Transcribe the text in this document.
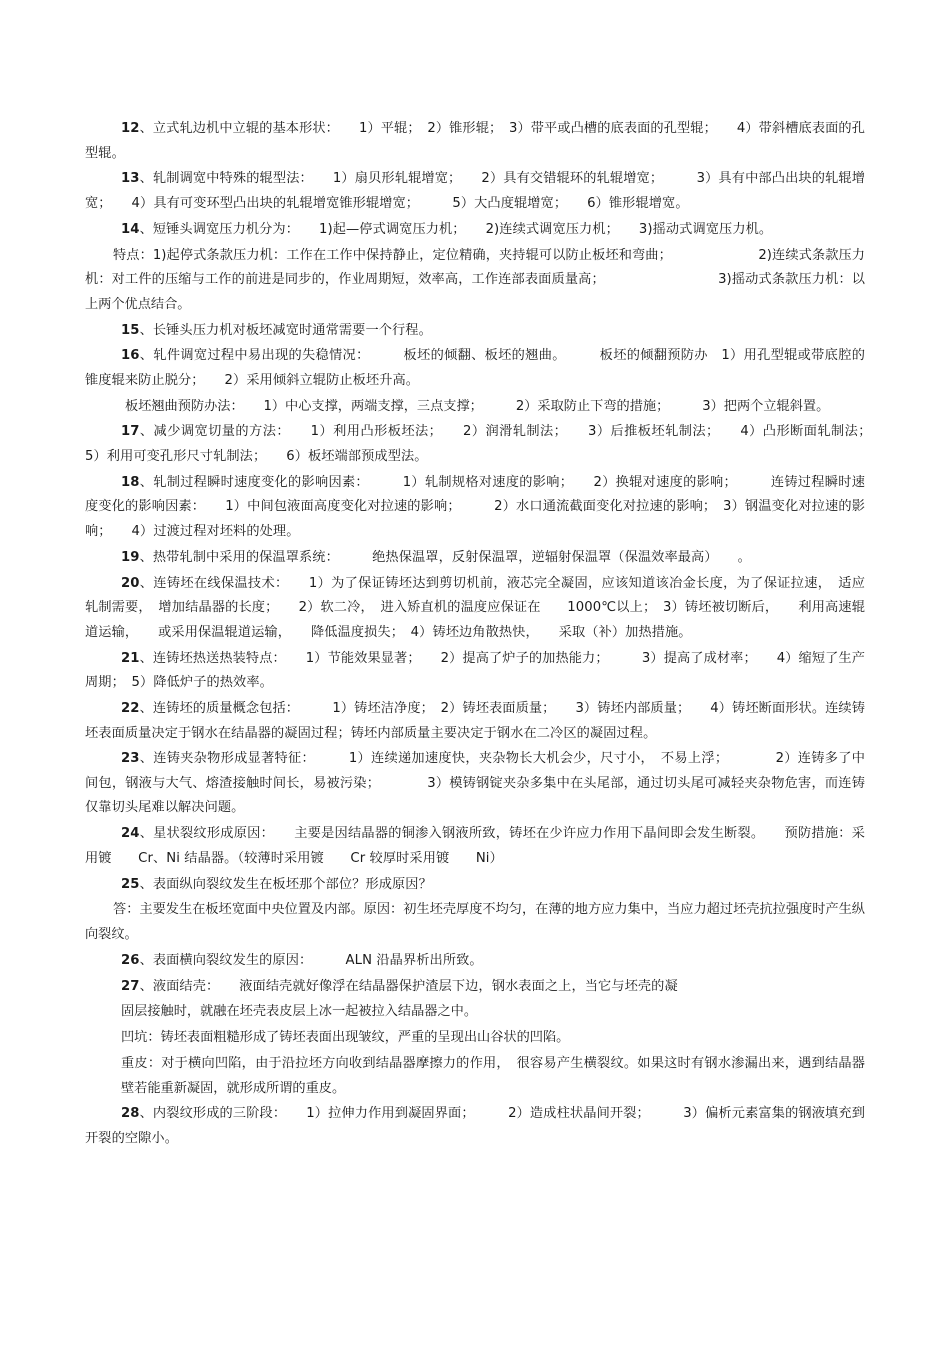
12、立式轧边机中立辊的基本形状：　　1）平辊；　2）锥形辊；　3）带平或凸槽的底表面的孔型辊；　　4）带斜槽底表面的孔型辊。

13、轧制调宽中特殊的辊型法：　　1）扇贝形轧辊增宽；　　2）具有交错辊环的轧辊增宽；　　　3）具有中部凸出块的轧辊增宽；　　4）具有可变环型凸出块的轧辊增宽锥形辊增宽；　　　5）大凸度辊增宽；　　6）锥形辊增宽。

14、短锤头调宽压力机分为：　　1)起—停式调宽压力机；　　2)连续式调宽压力机；　　3)摇动式调宽压力机。

特点：1)起停式条款压力机：工作在工作中保持静止，定位精确，夹持辊可以防止板坯和弯曲；　　　　　　　2)连续式条款压力机：对工件的压缩与工作的前进是同步的，作业周期短，效率高，工作连部表面质量高；　　　　　　　　　3)摇动式条款压力机：以上两个优点结合。

15、长锤头压力机对板坯减宽时通常需要一个行程。

16、轧件调宽过程中易出现的失稳情况：　　　板坯的倾翻、板坯的翘曲。　　　板坯的倾翻预防办　1）用孔型辊或带底腔的锥度辊来防止脱分；　　2）采用倾斜立辊防止板坯升高。

板坯翘曲预防办法：　　1）中心支撑，两端支撑，三点支撑；　　　2）采取防止下弯的措施；　　　3）把两个立辊斜置。

17、减少调宽切量的方法：　　1）利用凸形板坯法；　　2）润滑轧制法；　　3）后推板坯轧制法；　　4）凸形断面轧制法；　5）利用可变孔形尺寸轧制法；　　6）板坯端部预成型法。

18、轧制过程瞬时速度变化的影响因素：　　　1）轧制规格对速度的影响；　　2）换辊对速度的影响；　　　连铸过程瞬时速度变化的影响因素：　　1）中间包液面高度变化对拉速的影响；　　　2）水口通流截面变化对拉速的影响；　3）钢温变化对拉速的影响；　　4）过渡过程对坯料的处理。

19、热带轧制中采用的保温罩系统：　　　绝热保温罩，反射保温罩，逆辐射保温罩（保温效率最高）　　。

20、连铸坯在线保温技术：　　1）为了保证铸坯达到剪切机前，液芯完全凝固，应该知道该冶金长度，为了保证拉速，　适应轧制需要，　增加结晶器的长度；　　2）软二冷，　进入矫直机的温度应保证在　　1000℃以上；　3）铸坯被切断后，　　利用高速辊道运输，　　或采用保温辊道运输，　　降低温度损失；　4）铸坯边角散热快，　　采取（补）加热措施。

21、连铸坯热送热装特点：　　1）节能效果显著；　　2）提高了炉子的加热能力；　　　3）提高了成材率；　　4）缩短了生产周期；　5）降低炉子的热效率。

22、连铸坯的质量概念包括：　　　1）铸坯洁净度；　2）铸坯表面质量；　　3）铸坯内部质量；　　4）铸坯断面形状。连续铸坯表面质量决定于钢水在结晶器的凝固过程；铸坯内部质量主要决定于钢水在二冷区的凝固过程。

23、连铸夹杂物形成显著特征：　　　1）连续递加速度快，夹杂物长大机会少，尺寸小，　不易上浮；　　　　2）连铸多了中间包，钢液与大气、熔渣接触时间长，易被污染；　　　　3）模铸钢锭夹杂多集中在头尾部，通过切头尾可减轻夹杂物危害，而连铸仅靠切头尾难以解决问题。

24、星状裂纹形成原因：　　主要是因结晶器的铜渗入钢液所致，铸坯在少许应力作用下晶间即会发生断裂。　　预防措施：采用镀　　Cr、Ni 结晶器。（较薄时采用镀　　Cr 较厚时采用镀　　Ni）

25、表面纵向裂纹发生在板坯那个部位？形成原因？

答：主要发生在板坯宽面中央位置及内部。原因：初生坯壳厚度不均匀，在薄的地方应力集中，当应力超过坯壳抗拉强度时产生纵向裂纹。

26、表面横向裂纹发生的原因：　　　ALN 沿晶界析出所致。

27、液面结壳：　　液面结壳就好像浮在结晶器保护渣层下边，钢水表面之上，当它与坯壳的凝

固层接触时，就融在坯壳表皮层上冰一起被拉入结晶器之中。

凹坑：铸坯表面粗糙形成了铸坯表面出现皱纹，严重的呈现出山谷状的凹陷。

重皮：对于横向凹陷，由于沿拉坯方向收到结晶器摩擦力的作用，　很容易产生横裂纹。如果这时有钢水渗漏出来，遇到结晶器壁若能重新凝固，就形成所谓的重皮。

28、内裂纹形成的三阶段：　　1）拉伸力作用到凝固界面；　　　2）造成柱状晶间开裂；　　　3）偏析元素富集的钢液填充到开裂的空隙小。
